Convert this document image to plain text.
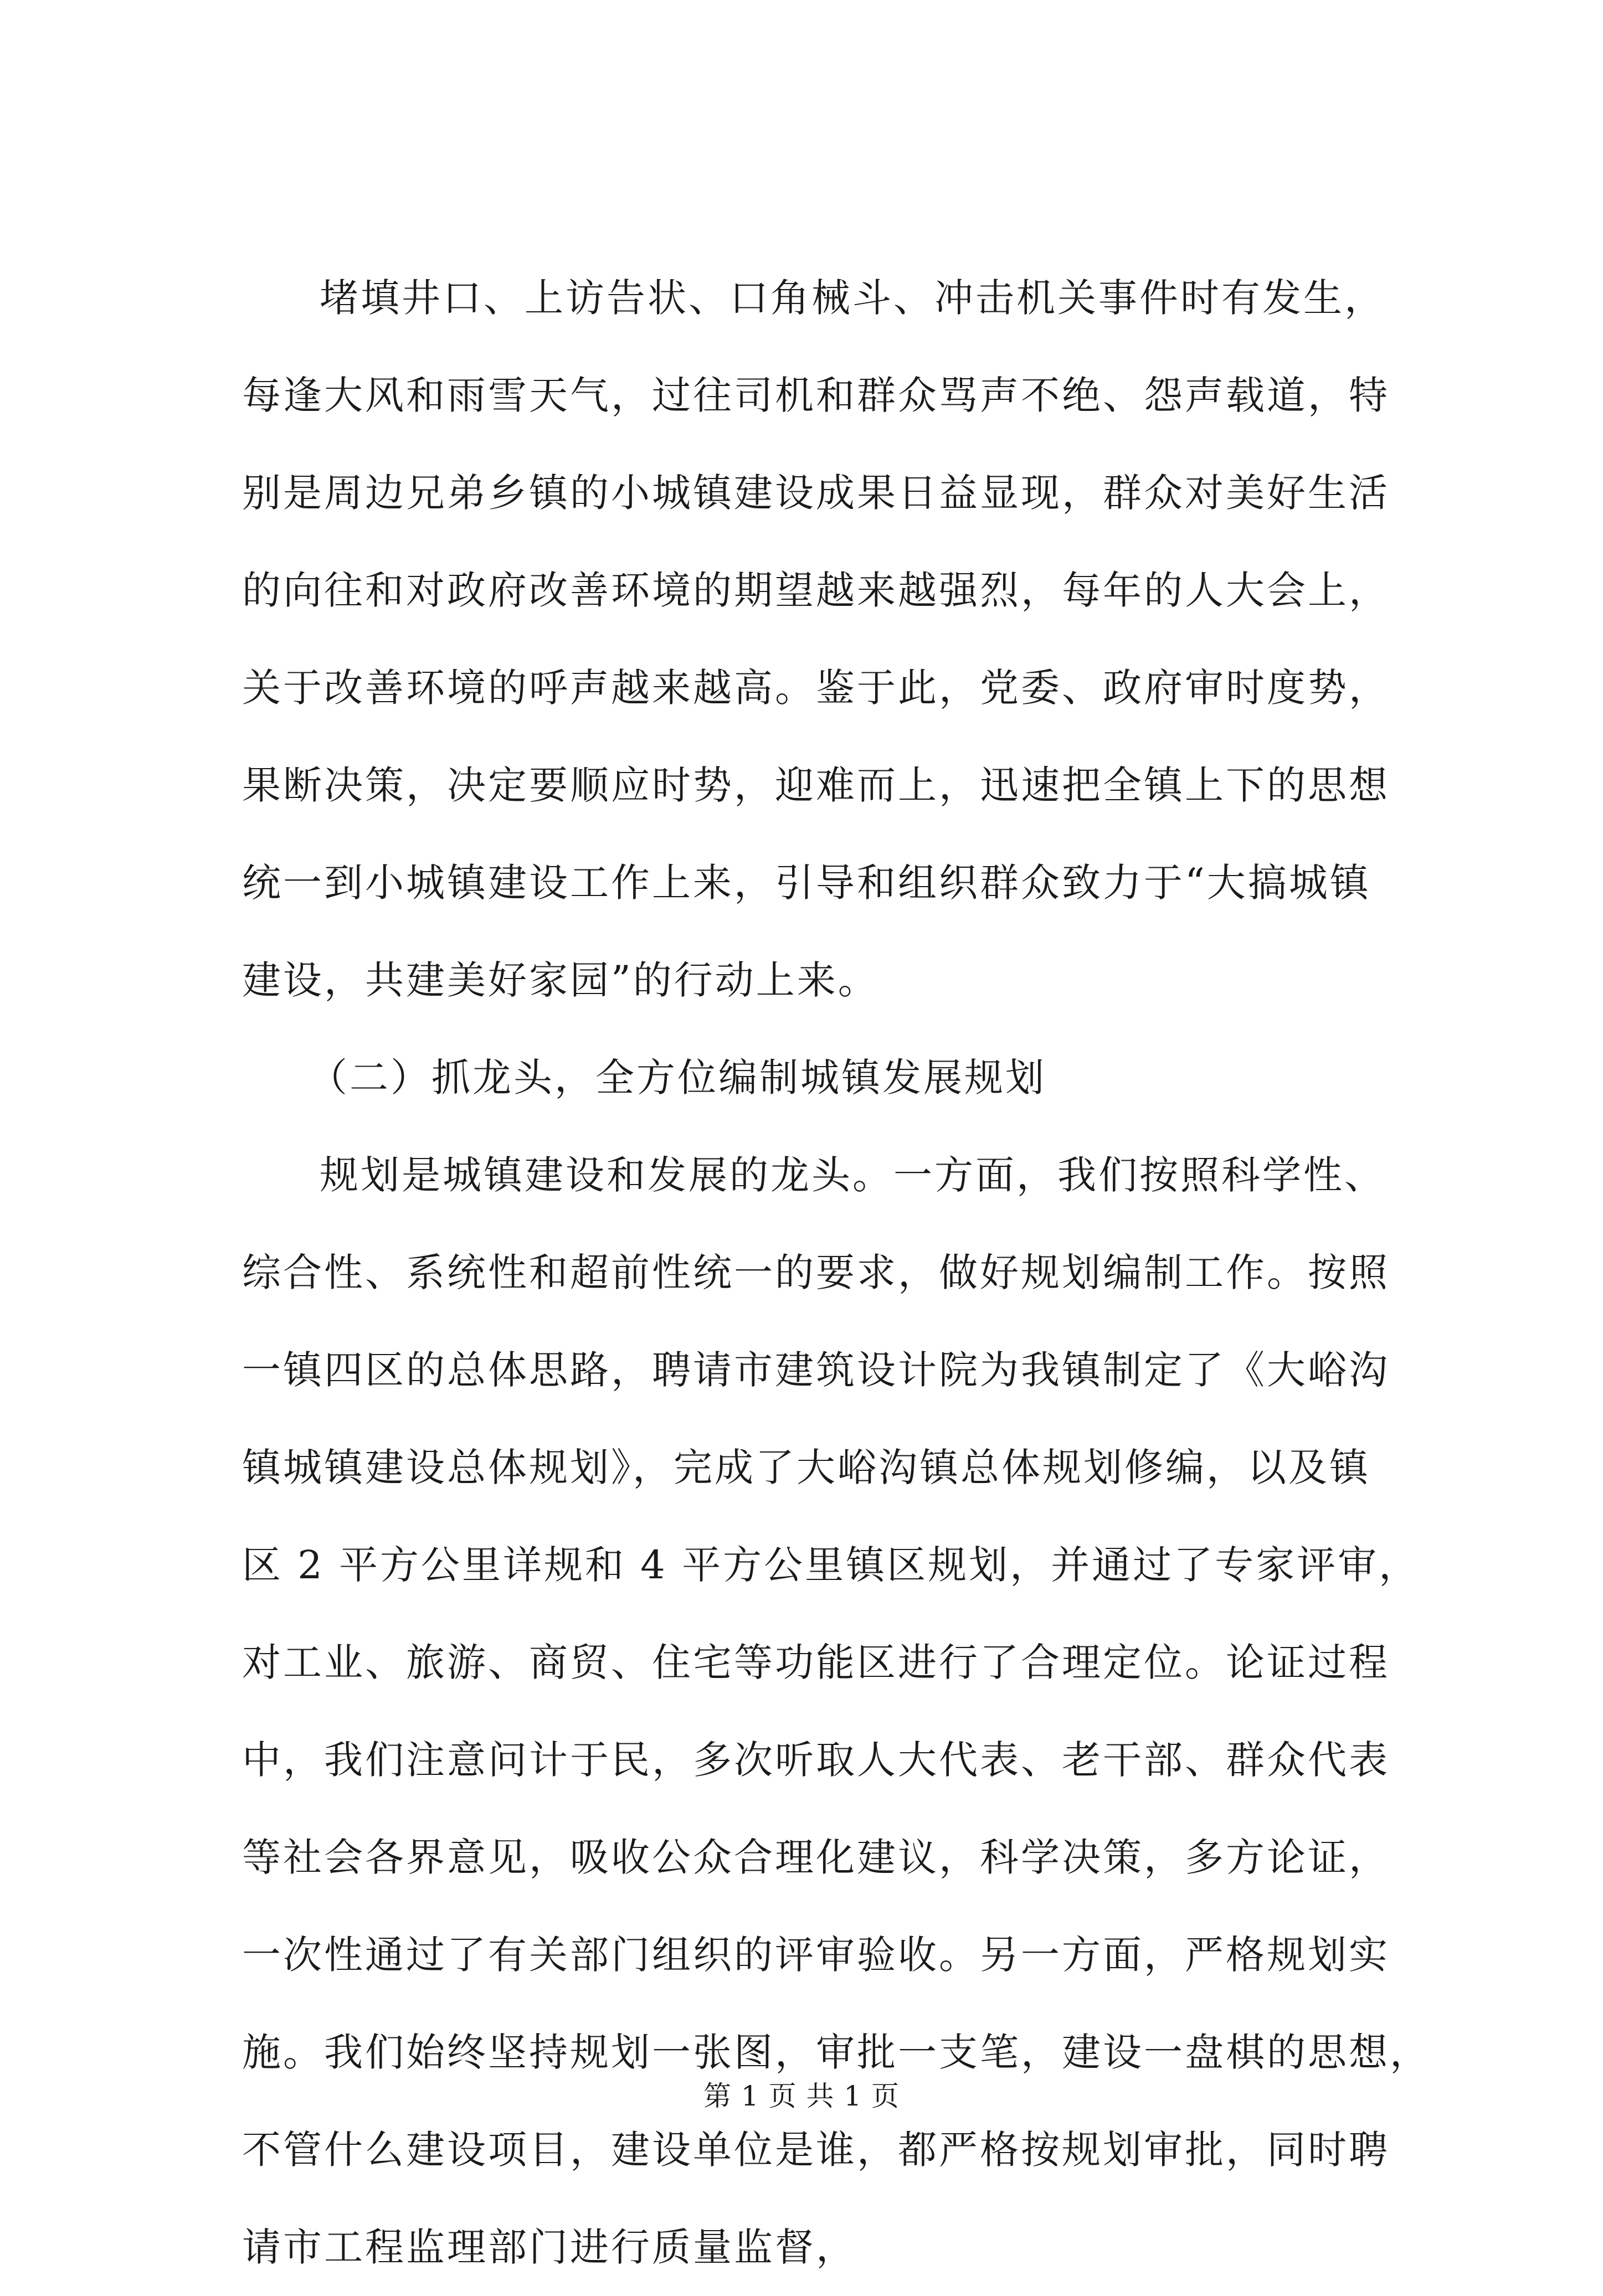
堵填井口、上访告状、口角械斗、冲击机关事件时有发生，
每逢大风和雨雪天气，过往司机和群众骂声不绝、怨声载道，特
别是周边兄弟乡镇的小城镇建设成果日益显现，群众对美好生活
的向往和对政府改善环境的期望越来越强烈，每年的人大会上，
关于改善环境的呼声越来越高。鉴于此，党委、政府审时度势，
果断决策，决定要顺应时势，迎难而上，迅速把全镇上下的思想
统一到小城镇建设工作上来，引导和组织群众致力于“大搞城镇
建设，共建美好家园”的行动上来。
（二）抓龙头，全方位编制城镇发展规划
规划是城镇建设和发展的龙头。一方面，我们按照科学性、
综合性、系统性和超前性统一的要求，做好规划编制工作。按照
一镇四区的总体思路，聘请市建筑设计院为我镇制定了《大峪沟
镇城镇建设总体规划》，完成了大峪沟镇总体规划修编，以及镇
区 2 平方公里详规和 4 平方公里镇区规划，并通过了专家评审，
对工业、旅游、商贸、住宅等功能区进行了合理定位。论证过程
中，我们注意问计于民，多次听取人大代表、老干部、群众代表
等社会各界意见，吸收公众合理化建议，科学决策，多方论证，
一次性通过了有关部门组织的评审验收。另一方面，严格规划实
施。我们始终坚持规划一张图，审批一支笔，建设一盘棋的思想，
不管什么建设项目，建设单位是谁，都严格按规划审批，同时聘
请市工程监理部门进行质量监督，
第 1 页 共 1 页
